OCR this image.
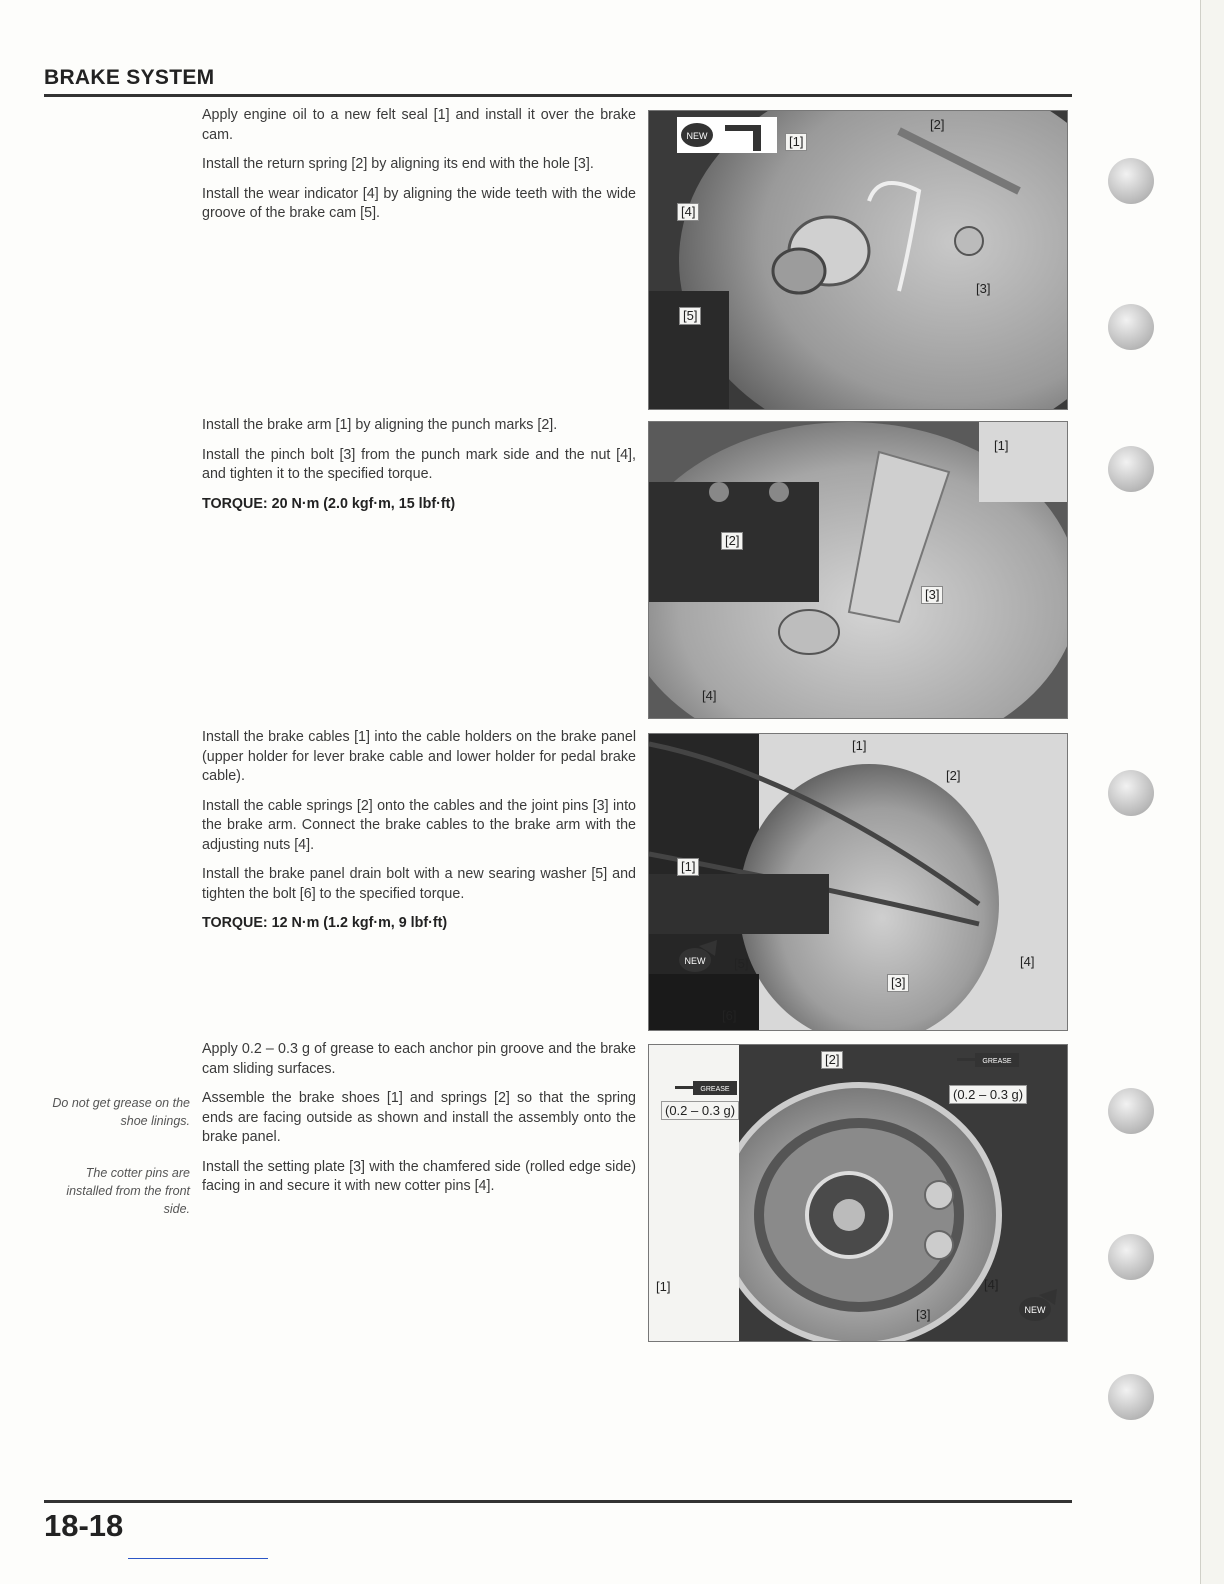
BRAKE SYSTEM

Apply engine oil to a new felt seal [1] and install it over the brake cam.

Install the return spring [2] by aligning its end with the hole [3].

Install the wear indicator [4] by aligning the wide teeth with the wide groove of the brake cam [5].

NEW	[1]
[2]
[3]
[4]
[5]

Install the brake arm [1] by aligning the punch marks [2].

Install the pinch bolt [3] from the punch mark side and the nut [4], and tighten it to the specified torque.

TORQUE: 20 N·m (2.0 kgf·m, 15 lbf·ft)

[1]
[2]
[3]
[4]

Install the brake cables [1] into the cable holders on the brake panel (upper holder for lever brake cable and lower holder for pedal brake cable).

Install the cable springs [2] onto the cables and the joint pins [3] into the brake arm. Connect the brake cables to the brake arm with the adjusting nuts [4].

Install the brake panel drain bolt with a new searing washer [5] and tighten the bolt [6] to the specified torque.

TORQUE: 12 N·m (1.2 kgf·m, 9 lbf·ft)

[1]
[2]
[1]
[3]
[4]
[5]
[6]
NEW

Apply 0.2 – 0.3 g of grease to each anchor pin groove and the brake cam sliding surfaces.

Assemble the brake shoes [1] and springs [2] so that the spring ends are facing outside as shown and install the assembly onto the brake panel.

Install the setting plate [3] with the chamfered side (rolled edge side) facing in and secure it with new cotter pins [4].

Do not get grease on the shoe linings.
The cotter pins are installed from the front side.
GREASE
(0.2 – 0.3 g)
GREASE
(0.2 – 0.3 g)
[2]
[1]	[4]
[3]	NEW
18-18
